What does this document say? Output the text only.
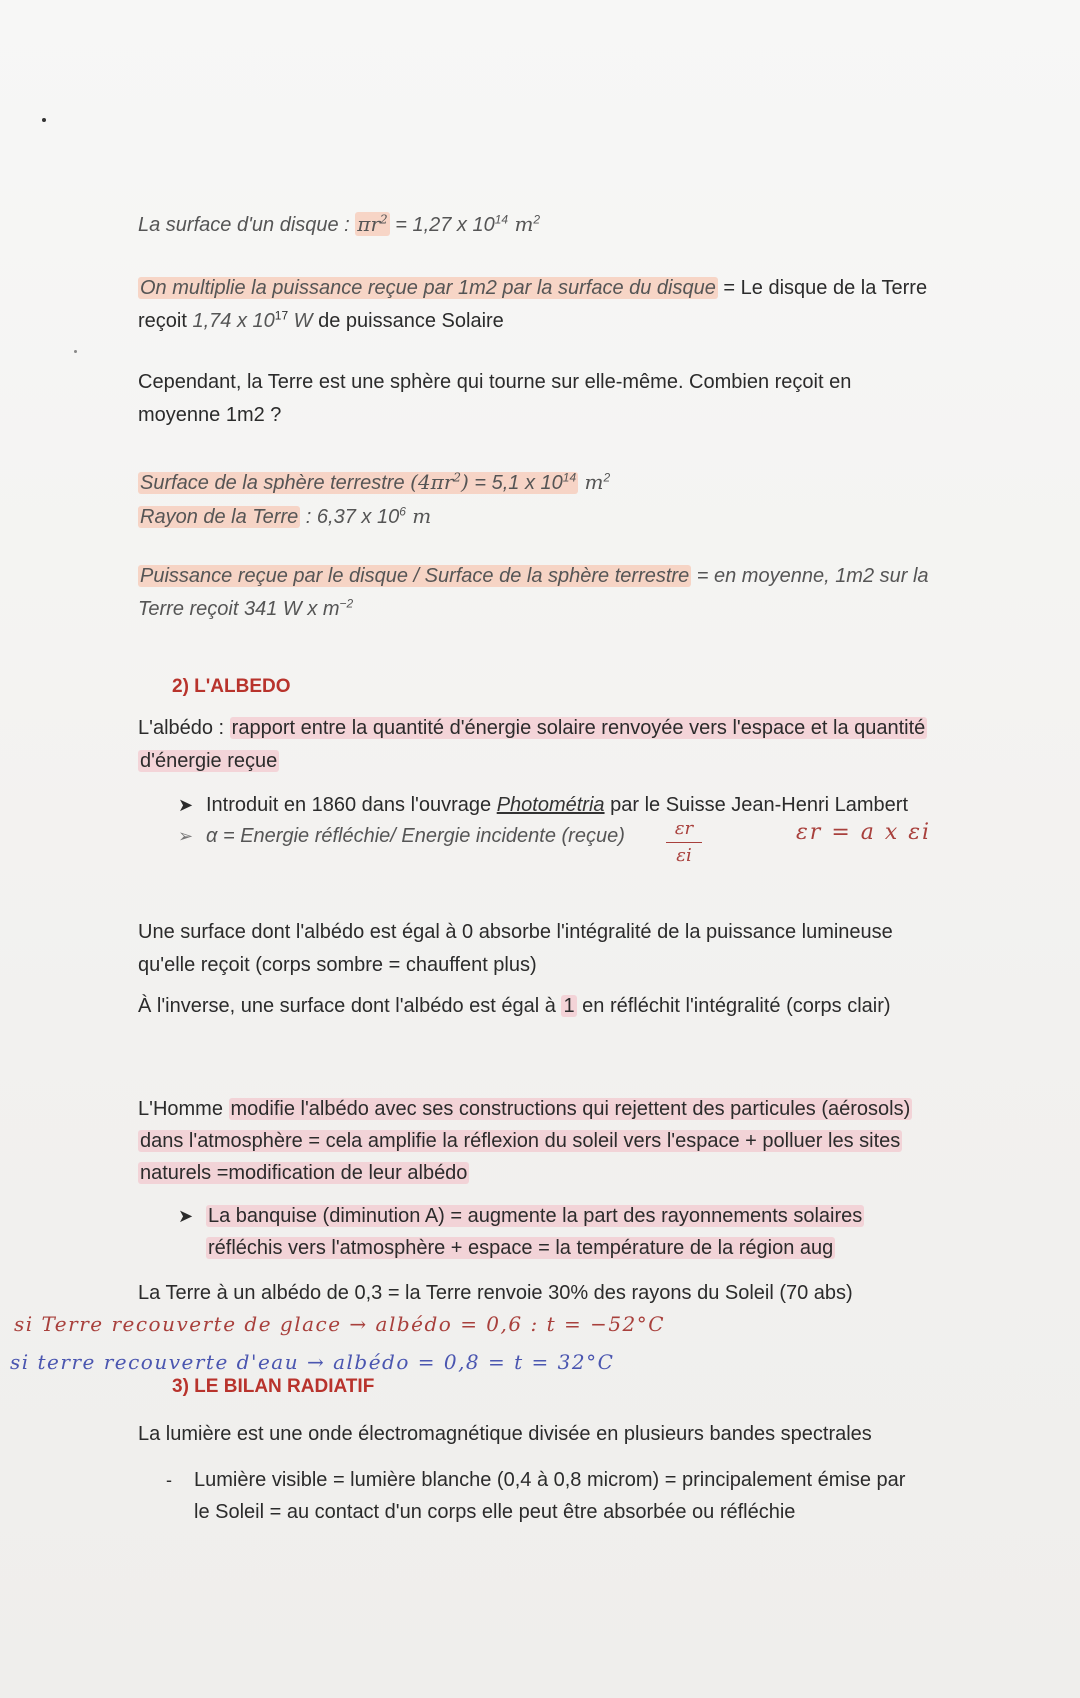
La surface d'un disque : $\pi r^2 = 1,27$ x $10^{14}$ $m^2$
On multiplie la puissance reçue par 1m2 par la surface du disque = Le disque de la Terre
reçoit 1,74 x $10^{17}$ W de puissance Solaire
Cependant, la Terre est une sphère qui tourne sur elle-même. Combien reçoit en
moyenne 1m2 ?
Surface de la sphère terrestre $(4\pi r^2) = 5,1$ x $10^{14}$ $m^2$
Rayon de la Terre : 6,37 x $10^6$ m
Puissance reçue par le disque / Surface de la sphère terrestre = en moyenne, 1m2 sur la
Terre reçoit 341 W x $m^{-2}$
2) L'ALBEDO
L'albédo : rapport entre la quantité d'énergie solaire renvoyée vers l'espace et la quantité
d'énergie reçue
➤ Introduit en 1860 dans l'ouvrage Photométria par le Suisse Jean-Henri Lambert
➢ α = Energie réfléchie/ Energie incidente (reçue)	εr
εi
εr = a x εi
Une surface dont l'albédo est égal à 0 absorbe l'intégralité de la puissance lumineuse
qu'elle reçoit (corps sombre = chauffent plus)
À l'inverse, une surface dont l'albédo est égal à 1 en réfléchit l'intégralité (corps clair)
L'Homme modifie l'albédo avec ses constructions qui rejettent des particules (aérosols)
dans l'atmosphère = cela amplifie la réflexion du soleil vers l'espace + polluer les sites
naturels =modification de leur albédo
➤ La banquise (diminution A) = augmente la part des rayonnements solaires
réfléchis vers l'atmosphère + espace = la température de la région aug
La Terre à un albédo de 0,3 = la Terre renvoie 30% des rayons du Soleil (70 abs)
si Terre recouverte de glace → albédo = 0,6 : t = −52°C
si terre recouverte d'eau → albédo = 0,8 = t = 32°C
3) LE BILAN RADIATIF
La lumière est une onde électromagnétique divisée en plusieurs bandes spectrales
- Lumière visible = lumière blanche (0,4 à 0,8 microm) = principalement émise par
le Soleil = au contact d'un corps elle peut être absorbée ou réfléchie
